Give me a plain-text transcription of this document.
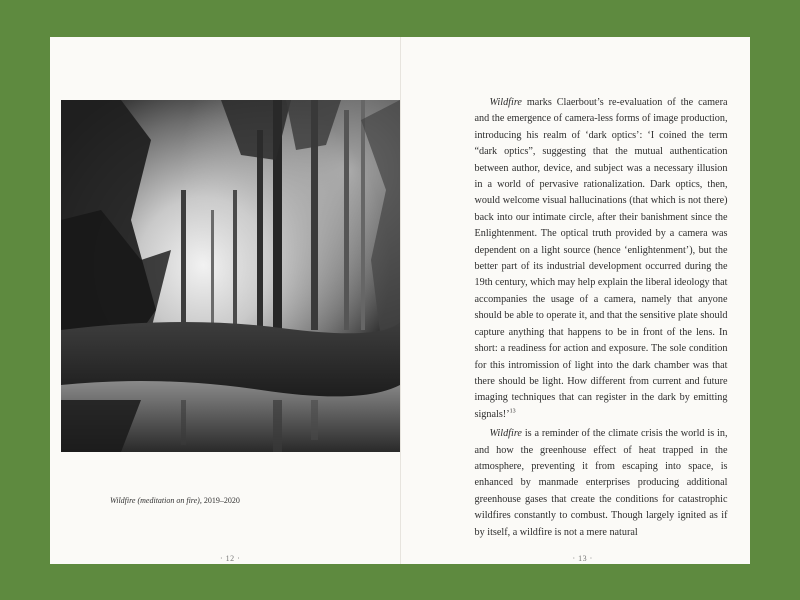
Wildfire (meditation on fire), 2019–2020
· 12 ·

Wildfire marks Claerbout’s re-evaluation of the camera and the emergence of camera-less forms of image production, introducing his realm of ‘dark optics’: ‘I coined the term “dark optics”, suggesting that the mutual authentication between author, device, and subject was a necessary illusion in a world of pervasive rationalization. Dark optics, then, would welcome visual hallucinations (that which is not there) back into our intimate circle, after their banishment since the Enlightenment. The optical truth provided by a camera was dependent on a light source (hence ‘enlightenment’), but the better part of its industrial development occurred during the 19th century, which may help explain the liberal ideology that accompanies the usage of a camera, namely that anyone should be able to operate it, and that the sensitive plate should capture anything that happens to be in front of the lens. In short: a readiness for action and exposure. The sole condition for this intromission of light into the dark chamber was that there should be light. How different from current and future imaging techniques that can register in the dark by emitting signals!’$^{13}$

Wildfire is a reminder of the climate crisis the world is in, and how the greenhouse effect of heat trapped in the atmosphere, preventing it from escaping into space, is enhanced by manmade enterprises producing additional greenhouse gases that create the conditions for catastrophic wildfires constantly to combust. Though largely ignited as if by itself, a wildfire is not a mere natural

· 13 ·
